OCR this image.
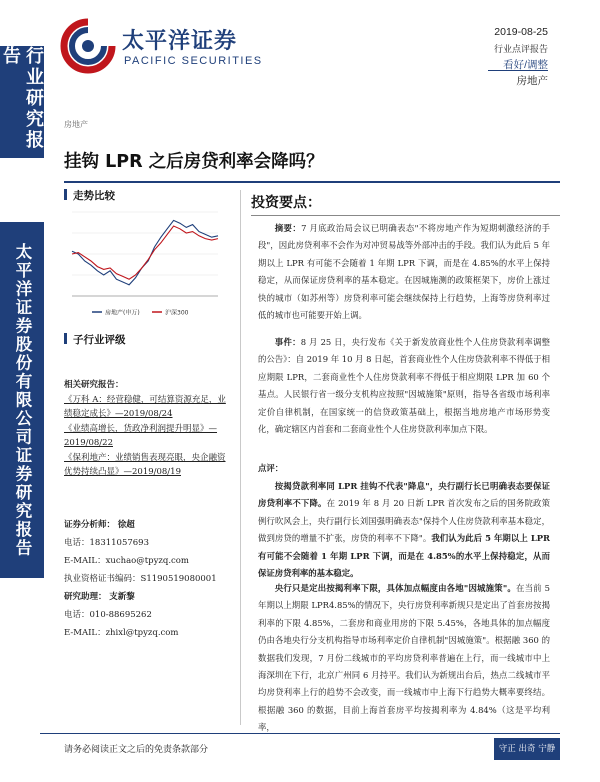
行业研究报告
太平洋证券股份有限公司证券研究报告
太平洋证券
PACIFIC SECURITIES
2019-08-25
行业点评报告
看好/调整
房地产
房地产
挂钩 LPR 之后房贷利率会降吗？
走势比较
房地产(申万)	沪深300
子行业评级
相关研究报告：
《万科 A：经营稳健，可结算资源充足，业绩稳定成长》—2019/08/24
《业绩高增长，货政净利润提升明显》—2019/08/22
《保利地产：业绩销售表现亮眼，央企融资优势持续凸显》—2019/08/19
证券分析师： 徐超
电话：18311057693
E-MAIL：xuchao@tpyzq.com
执业资格证书编码：S1190519080001
研究助理： 支新黎
电话：010-88695262
E-MAIL：zhixl@tpyzq.com
投资要点：

摘要：7 月底政治局会议已明确表态"不将房地产作为短期刺激经济的手段"，因此房贷利率不会作为对冲贸易战等外部冲击的手段。我们认为此后 5 年期以上 LPR 有可能不会随着 1 年期 LPR 下调，而是在 4.85%的水平上保持稳定，从而保证房贷利率的基本稳定。在因城施测的政策框架下，房价上涨过快的城市（如苏州等）房贷利率可能会继续保持上行趋势，上海等房贷利率过低的城市也可能要开始上调。

事件：8 月 25 日，央行发布《关于新发放商业性个人住房贷款利率调整的公告》：自 2019 年 10 月 8 日起，首套商业性个人住房贷款利率不得低于相应期限 LPR，二套商业性个人住房贷款利率不得低于相应期限 LPR 加 60 个基点。人民银行省一级分支机构应按照"因城施策"原则，指导各省级市场利率定价自律机制，在国家统一的信贷政策基础上，根据当地房地产市场形势变化，确定辖区内首套和二套商业性个人住房贷款利率加点下限。

点评：

按揭贷款利率同 LPR 挂钩不代表"降息"，央行副行长已明确表态要保证房贷利率不下降。在 2019 年 8 月 20 日新 LPR 首次发布之后的国务院政策例行吹风会上，央行副行长刘国强明确表态"保持个人住房贷款利率基本稳定，做到房贷的增量不扩张，房贷的利率不下降"。我们认为此后 5 年期以上 LPR 有可能不会随着 1 年期 LPR 下调，而是在 4.85%的水平上保持稳定，从而保证房贷利率的基本稳定。

央行只是定出按揭利率下限，具体加点幅度由各地"因城施策"。在当前 5 年期以上期限 LPR4.85%的情况下，央行房贷利率新规只是定出了首套房按揭利率的下限 4.85%，二套房和商业用房的下限 5.45%，各地具体的加点幅度仍由各地央行分支机构指导市场利率定价自律机制"因城施策"。根据融 360 的数据我们发现，7 月份二线城市的平均房贷利率普遍在上行，而一线城市中上海深圳在下行，北京广州同 6 月持平。我们认为新规出台后，热点二线城市平均房贷利率上行的趋势不会改变，而一线城市中上海下行趋势大概率要终结。根据融 360 的数据，目前上海首套房平均按揭利率为 4.84%（这是平均利率，

请务必阅读正文之后的免责条款部分	守正 出奇 宁静 致远
